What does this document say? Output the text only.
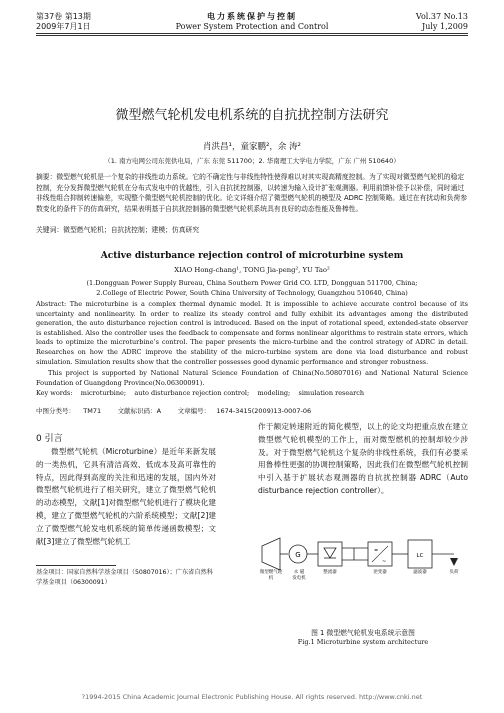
第37卷 第13期
2009年7月1日
电力系统保护与控制
Power System Protection and Control
Vol.37 No.13
July 1,2009
微型燃气轮机发电机系统的自抗扰控制方法研究
肖洪昌¹，童家鹏²，余 涛²
（1. 南方电网公司东莞供电局，广东 东莞 511700；2. 华南理工大学电力学院，广东 广州 510640）
摘要：微型燃气轮机是一个复杂的非线性动力系统。它的不确定性与非线性特性使得难以对其实现高精度控制。为了实现对微型燃气轮机的稳定控制，充分发挥微型燃气轮机在分布式发电中的优越性，引入自抗扰控制器，以转速为输入设计扩张观测器。利用前馈补偿予以补偿，同时通过非线性组合抑制转速偏差，实现整个微型燃气轮机控制的优化。论文详细介绍了微型燃气轮机的模型及 ADRC 控制策略。通过在有扰动和负荷参数变化的条件下的仿真研究，结果表明基于自抗扰控制器的微型燃气轮机系统具有良好的动态性能及鲁棒性。
关键词：微型燃气轮机；自抗扰控制；建模；仿真研究
Active disturbance rejection control of microturbine system
XIAO Hong-chang¹, TONG Jia-peng², YU Tao²
(1.Dongguan Power Supply Bureau, China Southern Power Grid CO. LTD, Dongguan 511700, China;
2.College of Electric Power, South China University of Technology, Guangzhou 510640, China)
Abstract: The microturbine is a complex thermal dynamic model. It is impossible to achieve accurate control because of its uncertainty and nonlinearity. In order to realize its steady control and fully exhibit its advantages among the distributed generation, the auto disturbance rejection control is introduced. Based on the input of rotational speed, extended-state observer is established. Also the controller uses the feedback to compensate and forms nonlinear algorithms to restrain state errors, which leads to optimize the microturbine’s control. The paper presents the micro-turbine and the control strategy of ADRC in detail. Researches on how the ADRC improve the stability of the micro-turbine system are done via load disturbance and robust simulation. Simulation results show that the controller possesses good dynamic performance and stronger robustness.
This project is supported by National Natural Science Foundation of China(No.50807016) and National Natural Science Foundation of Guangdong Province(No.06300091).
Key words:    microturbine;    auto disturbance rejection control;    modeling;    simulation research
中图分类号：    TM71        文献标识码：A        文章编号：   1674-3415(2009)13-0007-06
0 引言
微型燃气轮机（Microturbine）是近年来新发展的一类热机，它具有清洁高效、低成本及高可靠性的特点，因此得到高度的关注和迅速的发展，国内外对微型燃气轮机进行了相关研究，建立了微型燃气轮机的动态模型，文献[1]对微型燃气轮机进行了模块化建模，建立了微型燃气轮机的六阶系统模型；文献[2]建立了微型燃气轮发电机系统的简单传递函数模型；文献[3]建立了微型燃气轮机工
作于额定转速附近的简化模型，以上的论文均把重点放在建立微型燃气轮机模型的工作上，而对微型燃机的控制却较少涉及。对于微型燃气轮机这个复杂的非线性系统，我们有必要采用鲁棒性更强的协调控制策略，因此我们在微型燃气轮机控制中引入基于扩展状态观测器的自抗扰控制器 ADRC（Auto disturbance rejection controller）。
基金项目：国家自然科学基金项目（50807016）；广东省自然科学基金项目（06300091）
G	=
~
LC
微型燃气轮机
永 磁
发电机
整流器	逆变器	滤波器	负荷
图 1 微型燃气轮机发电系统示意图
Fig.1 Microturbine system architecture
?1994-2015 China Academic Journal Electronic Publishing House. All rights reserved. http://www.cnki.net
